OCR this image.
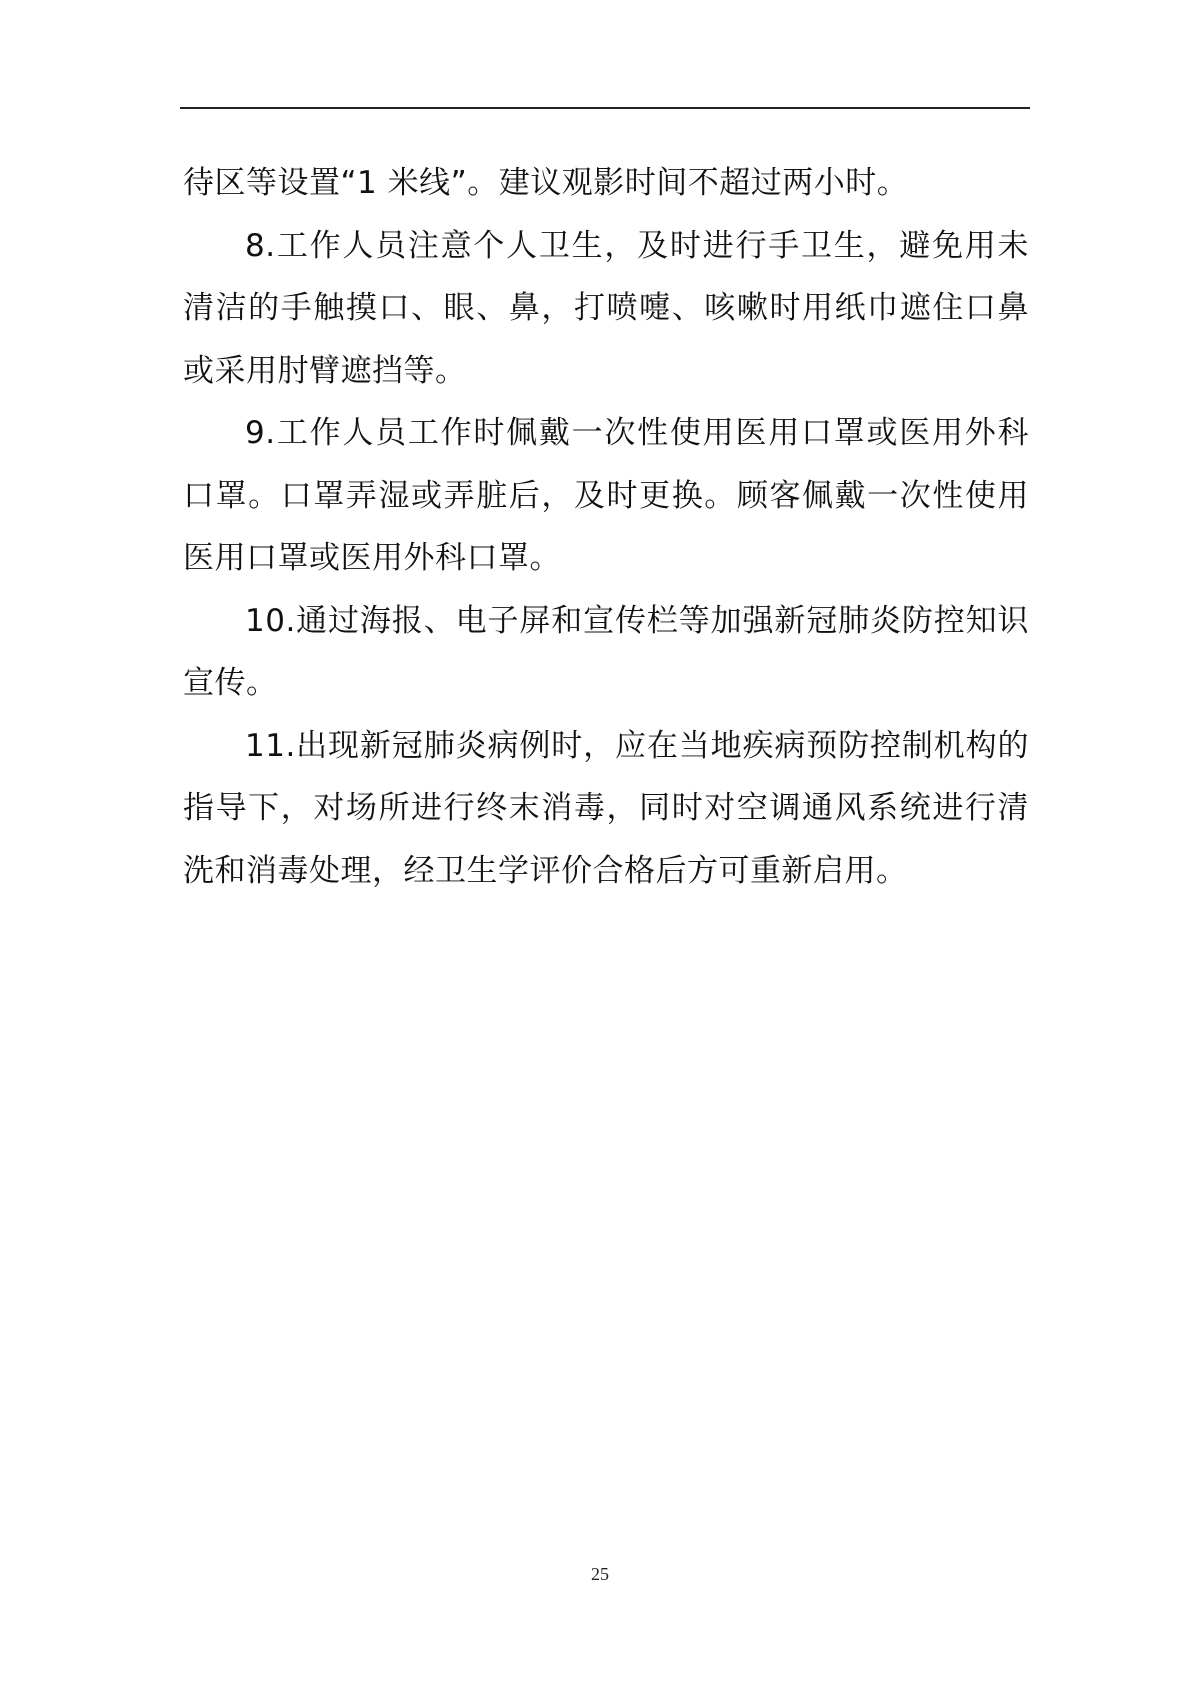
待区等设置“1 米线”。建议观影时间不超过两小时。

8.工作人员注意个人卫生，及时进行手卫生，避免用未清洁的手触摸口、眼、鼻，打喷嚏、咳嗽时用纸巾遮住口鼻或采用肘臂遮挡等。

9.工作人员工作时佩戴一次性使用医用口罩或医用外科口罩。口罩弄湿或弄脏后，及时更换。顾客佩戴一次性使用医用口罩或医用外科口罩。

10.通过海报、电子屏和宣传栏等加强新冠肺炎防控知识宣传。

11.出现新冠肺炎病例时，应在当地疾病预防控制机构的指导下，对场所进行终末消毒，同时对空调通风系统进行清洗和消毒处理，经卫生学评价合格后方可重新启用。

25
